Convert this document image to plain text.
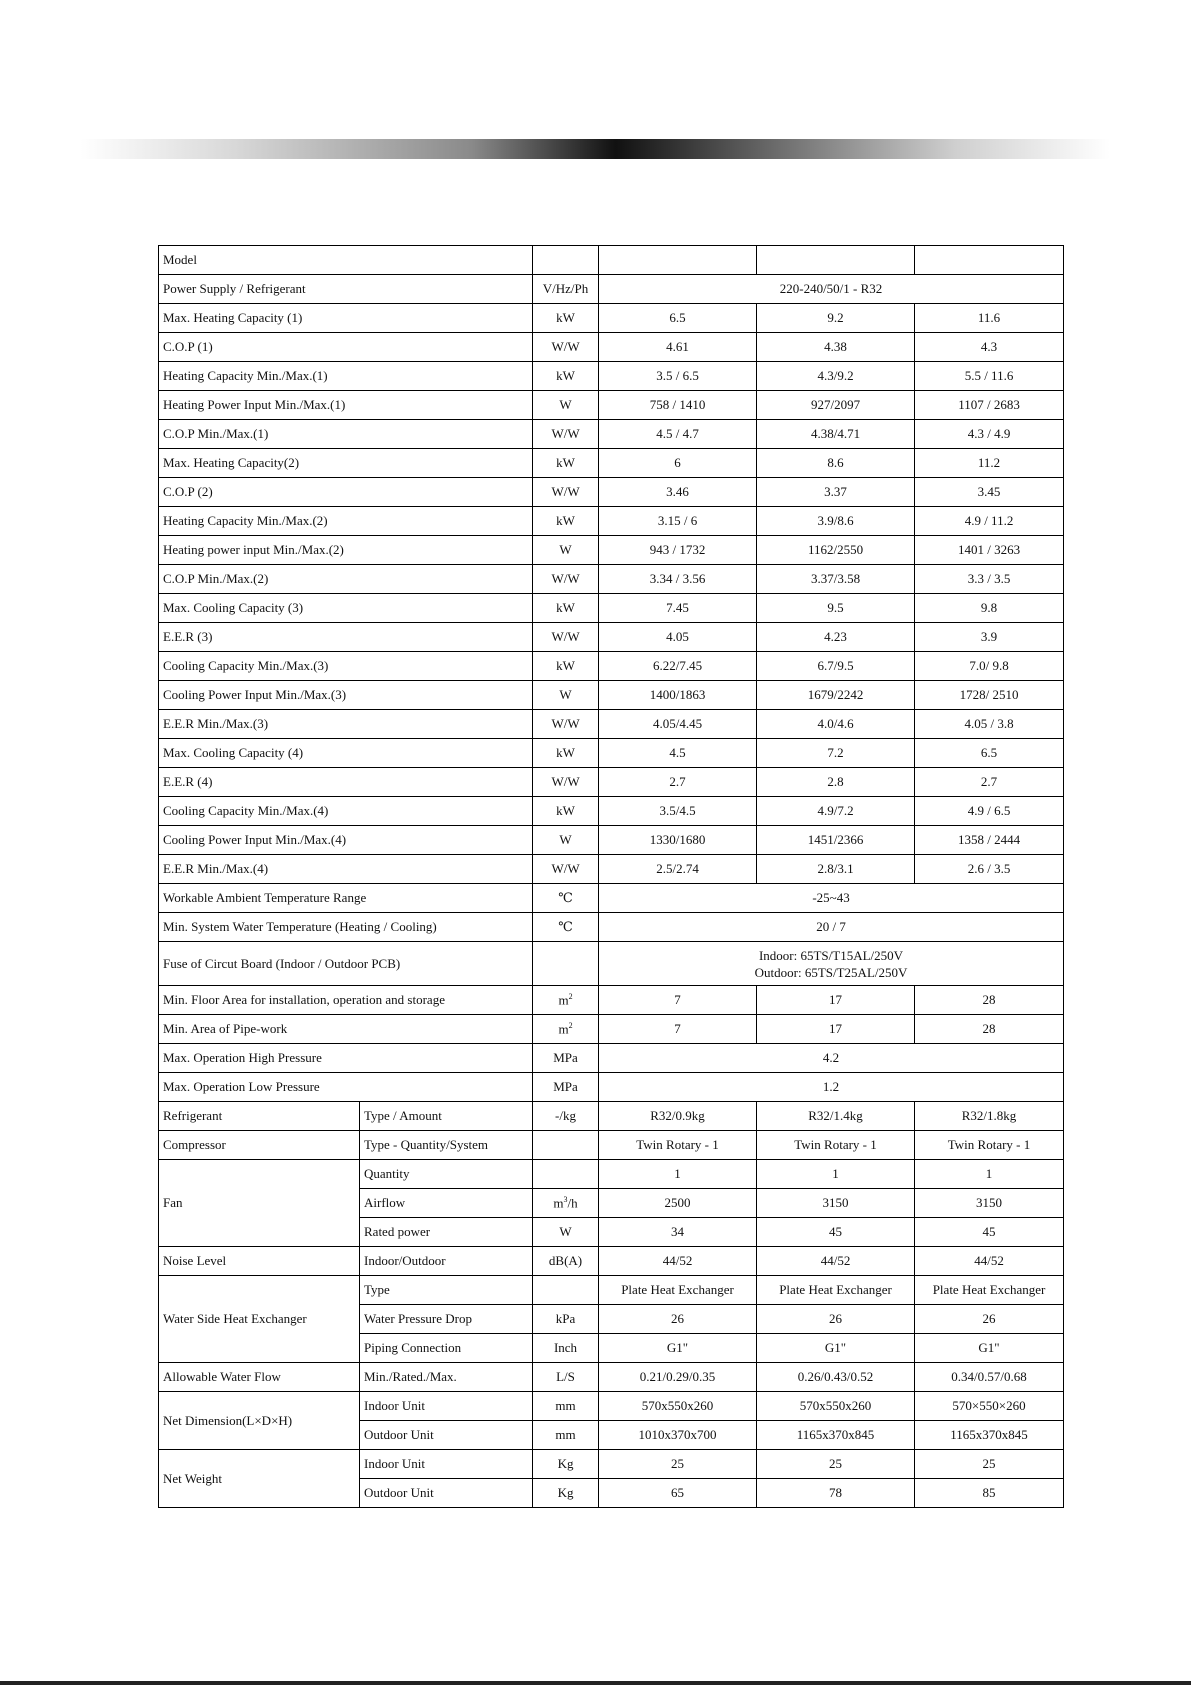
Model					
Power Supply / Refrigerant		V/Hz/Ph	220-240/50/1 - R32		
Max. Heating Capacity (1)		kW	6.5	9.2	11.6
C.O.P (1)		W/W	4.61	4.38	4.3
Heating Capacity Min./Max.(1)		kW	3.5 / 6.5	4.3/9.2	5.5 / 11.6
Heating Power Input Min./Max.(1)		W	758 / 1410	927/2097	1107 / 2683
C.O.P Min./Max.(1)		W/W	4.5 / 4.7	4.38/4.71	4.3 / 4.9
Max. Heating Capacity(2)		kW	6	8.6	11.2
C.O.P (2)		W/W	3.46	3.37	3.45
Heating Capacity Min./Max.(2)		kW	3.15 / 6	3.9/8.6	4.9 / 11.2
Heating power input Min./Max.(2)		W	943 / 1732	1162/2550	1401 / 3263
C.O.P Min./Max.(2)		W/W	3.34 / 3.56	3.37/3.58	3.3 / 3.5
Max. Cooling Capacity (3)		kW	7.45	9.5	9.8
E.E.R (3)		W/W	4.05	4.23	3.9
Cooling Capacity Min./Max.(3)		kW	6.22/7.45	6.7/9.5	7.0/ 9.8
Cooling Power Input Min./Max.(3)		W	1400/1863	1679/2242	1728/ 2510
E.E.R Min./Max.(3)		W/W	4.05/4.45	4.0/4.6	4.05 / 3.8
Max. Cooling Capacity (4)		kW	4.5	7.2	6.5
E.E.R (4)		W/W	2.7	2.8	2.7
Cooling Capacity Min./Max.(4)		kW	3.5/4.5	4.9/7.2	4.9 / 6.5
Cooling Power Input Min./Max.(4)		W	1330/1680	1451/2366	1358 / 2444
E.E.R Min./Max.(4)		W/W	2.5/2.74	2.8/3.1	2.6 / 3.5
Workable Ambient Temperature Range		℃	-25~43		
Min. System Water Temperature (Heating / Cooling)		℃	20 / 7		
Fuse of Circut Board (Indoor / Outdoor PCB)			Indoor: 65TS/T15AL/250V
Outdoor: 65TS/T25AL/250V		

Min. Floor Area for installation, operation and storage		$m^2$	7	17	28
Min. Area of Pipe-work		$m^2$	7	17	28
Max. Operation High Pressure		MPa	4.2		
Max. Operation Low Pressure		MPa	1.2		
Refrigerant	Type / Amount	-/kg	R32/0.9kg	R32/1.4kg	R32/1.8kg
Compressor	Type - Quantity/System		Twin Rotary - 1	Twin Rotary - 1	Twin Rotary - 1
Fan	Quantity		1	1	1
	Airflow	$m^3/h$	2500	3150	3150
	Rated power	W	34	45	45
Noise Level	Indoor/Outdoor	dB(A)	44/52	44/52	44/52
Water Side Heat Exchanger	Type		Plate Heat Exchanger	Plate Heat Exchanger	Plate Heat Exchanger
	Water Pressure Drop	kPa	26	26	26
	Piping Connection	Inch	G1"	G1"	G1"
Allowable Water Flow	Min./Rated./Max.	L/S	0.21/0.29/0.35	0.26/0.43/0.52	0.34/0.57/0.68
Net Dimension(L×D×H)	Indoor Unit	mm	570x550x260	570x550x260	570×550×260
	Outdoor Unit	mm	1010x370x700	1165x370x845	1165x370x845
Net Weight	Indoor Unit	Kg	25	25	25
	Outdoor Unit	Kg	65	78	85
